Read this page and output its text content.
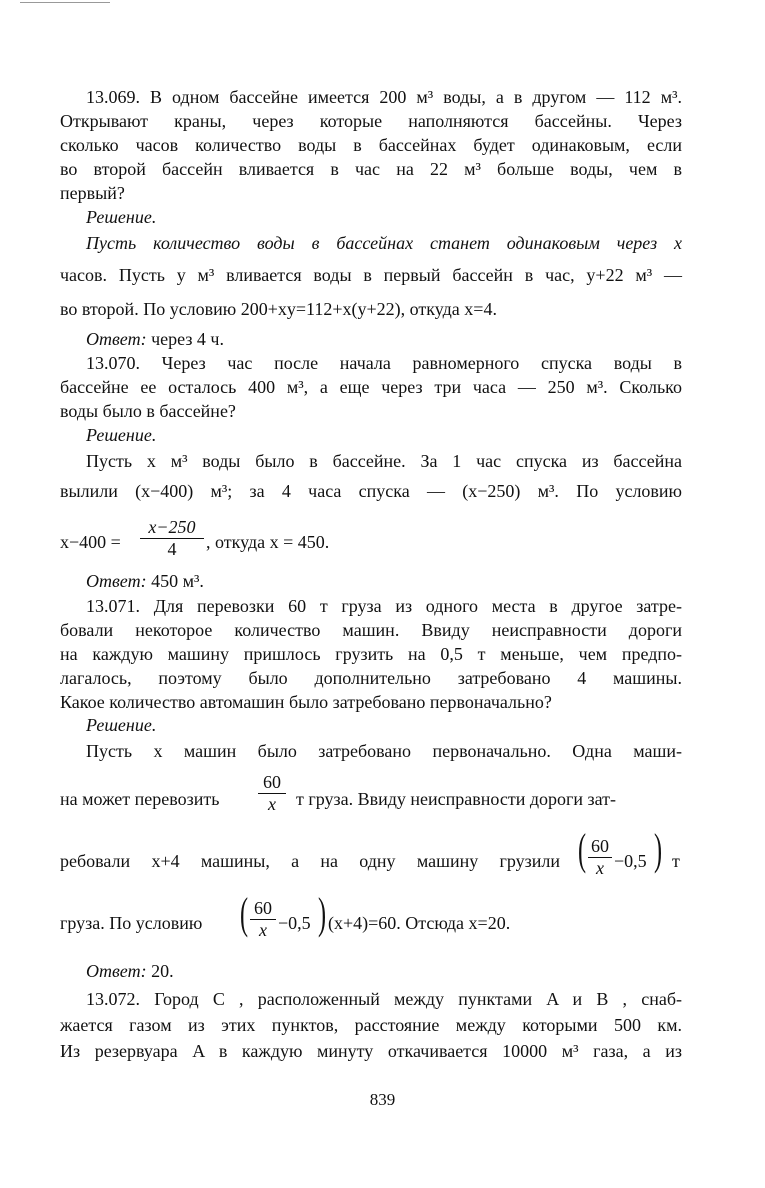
13.069. В одном бассейне имеется 200 м³ воды, а в другом — 112 м³.
Открывают краны, через которые наполняются бассейны. Через
сколько часов количество воды в бассейнах будет одинаковым, если
во второй бассейн вливается в час на 22 м³ больше воды, чем в
первый?
Решение.
Пусть количество воды в бассейнах станет одинаковым через x
часов. Пусть y м³ вливается воды в первый бассейн в час, y+22 м³ —
во второй. По условию 200+xy=112+x(y+22), откуда x=4.
Ответ: через 4 ч.
13.070. Через час после начала равномерного спуска воды в
бассейне ее осталось 400 м³, а еще через три часа — 250 м³. Сколько
воды было в бассейне?
Решение.
Пусть x м³ воды было в бассейне. За 1 час спуска из бассейна
вылили (x−400) м³; за 4 часа спуска — (x−250) м³. По условию
$x-400 = \frac{x-250}{4}$ , откуда x = 450.
Ответ: 450 м³.
13.071. Для перевозки 60 т груза из одного места в другое затре-
бовали некоторое количество машин. Ввиду неисправности дороги
на каждую машину пришлось грузить на 0,5 т меньше, чем предпо-
лагалось, поэтому было дополнительно затребовано 4 машины.
Какое количество автомашин было затребовано первоначально?
Решение.
Пусть x машин было затребовано первоначально. Одна маши-
на может перевозить $\frac{60}{x}$ т груза. Ввиду неисправности дороги зат-
ребовали x+4 машины, а на одну машину грузили ( $\frac{60}{x} -0,5$ ) т
груза. По условию ( $\frac{60}{x} -0,5$ ) (x+4)=60. Отсюда x=20.
Ответ: 20.
13.072. Город C , расположенный между пунктами A и B , снаб-
жается газом из этих пунктов, расстояние между которыми 500 км.
Из резервуара A в каждую минуту откачивается 10000 м³ газа, а из
839
